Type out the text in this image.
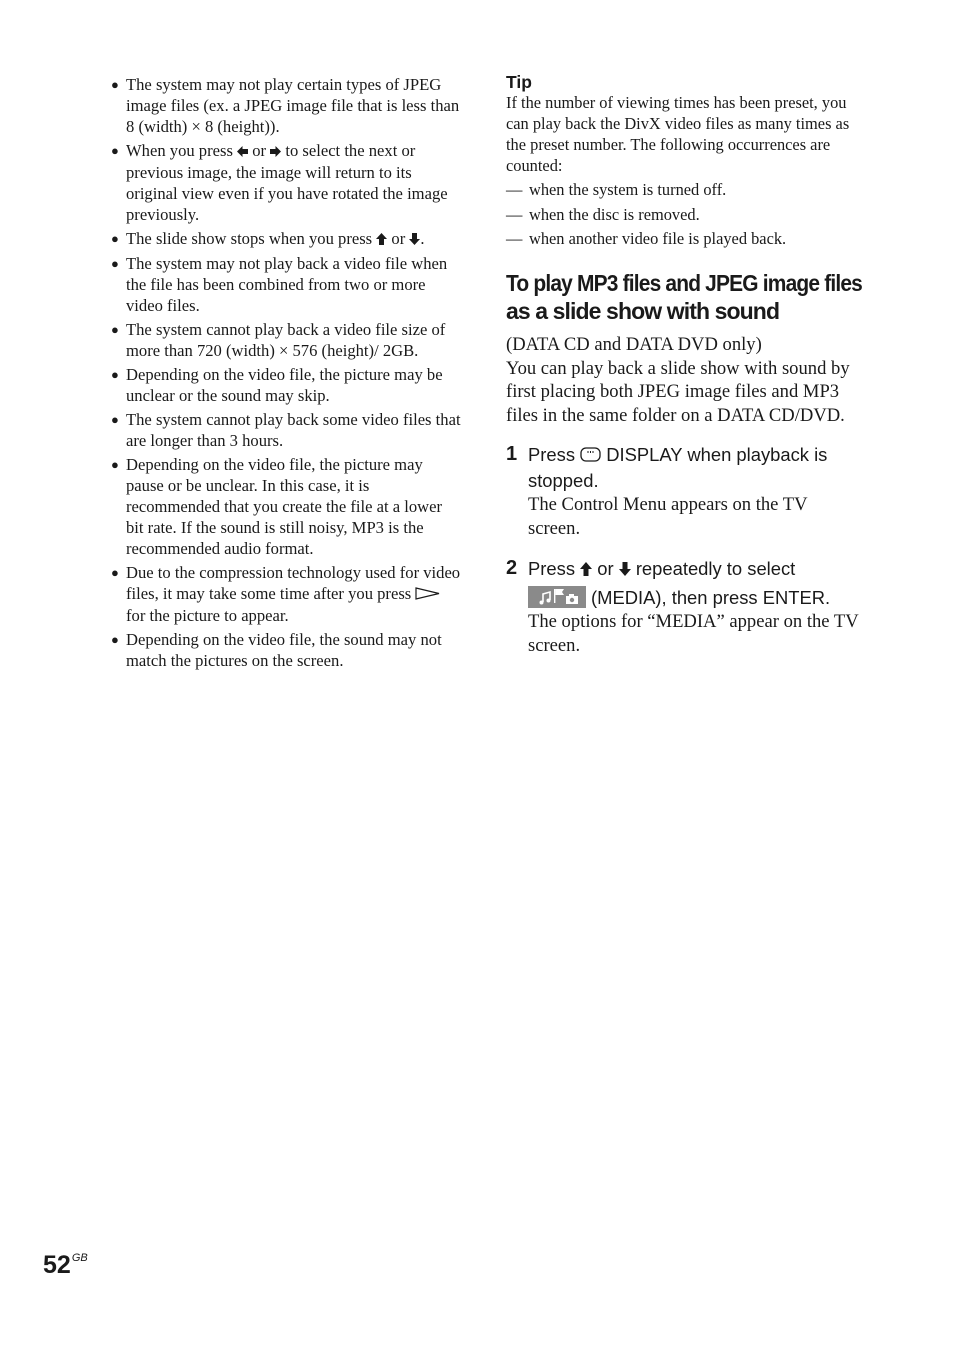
● The system may not play certain types of JPEG image files (ex. a JPEG image file that is less than 8 (width) × 8 (height)).
● When you press  or  to select the next or previous image, the image will return to its original view even if you have rotated the image previously.
● The slide show stops when you press  or .
● The system may not play back a video file when the file has been combined from two or more video files.
● The system cannot play back a video file size of more than 720 (width) × 576 (height)/ 2GB.
● Depending on the video file, the picture may be unclear or the sound may skip.
● The system cannot play back some video files that are longer than 3 hours.
● Depending on the video file, the picture may pause or be unclear. In this case, it is recommended that you create the file at a lower bit rate. If the sound is still noisy, MP3 is the recommended audio format.
● Due to the compression technology used for video files, it may take some time after you press  for the picture to appear.
● Depending on the video file, the sound may not match the pictures on the screen.

Tip

If the number of viewing times has been preset, you can play back the DivX video files as many times as the preset number. The following occurrences are counted:

— when the system is turned off.
— when the disc is removed.
— when another video file is played back.
To play MP3 files and JPEG image files
as a slide show with sound

(DATA CD and DATA DVD only)

You can play back a slide show with sound by first placing both JPEG image files and MP3 files in the same folder on a DATA CD/DVD.

1 Press  DISPLAY when playback is stopped.

The Control Menu appears on the TV screen.

2 Press  or  repeatedly to select

(MEDIA), then press ENTER.

The options for “MEDIA” appear on the TV screen.

$52^{GB}$
